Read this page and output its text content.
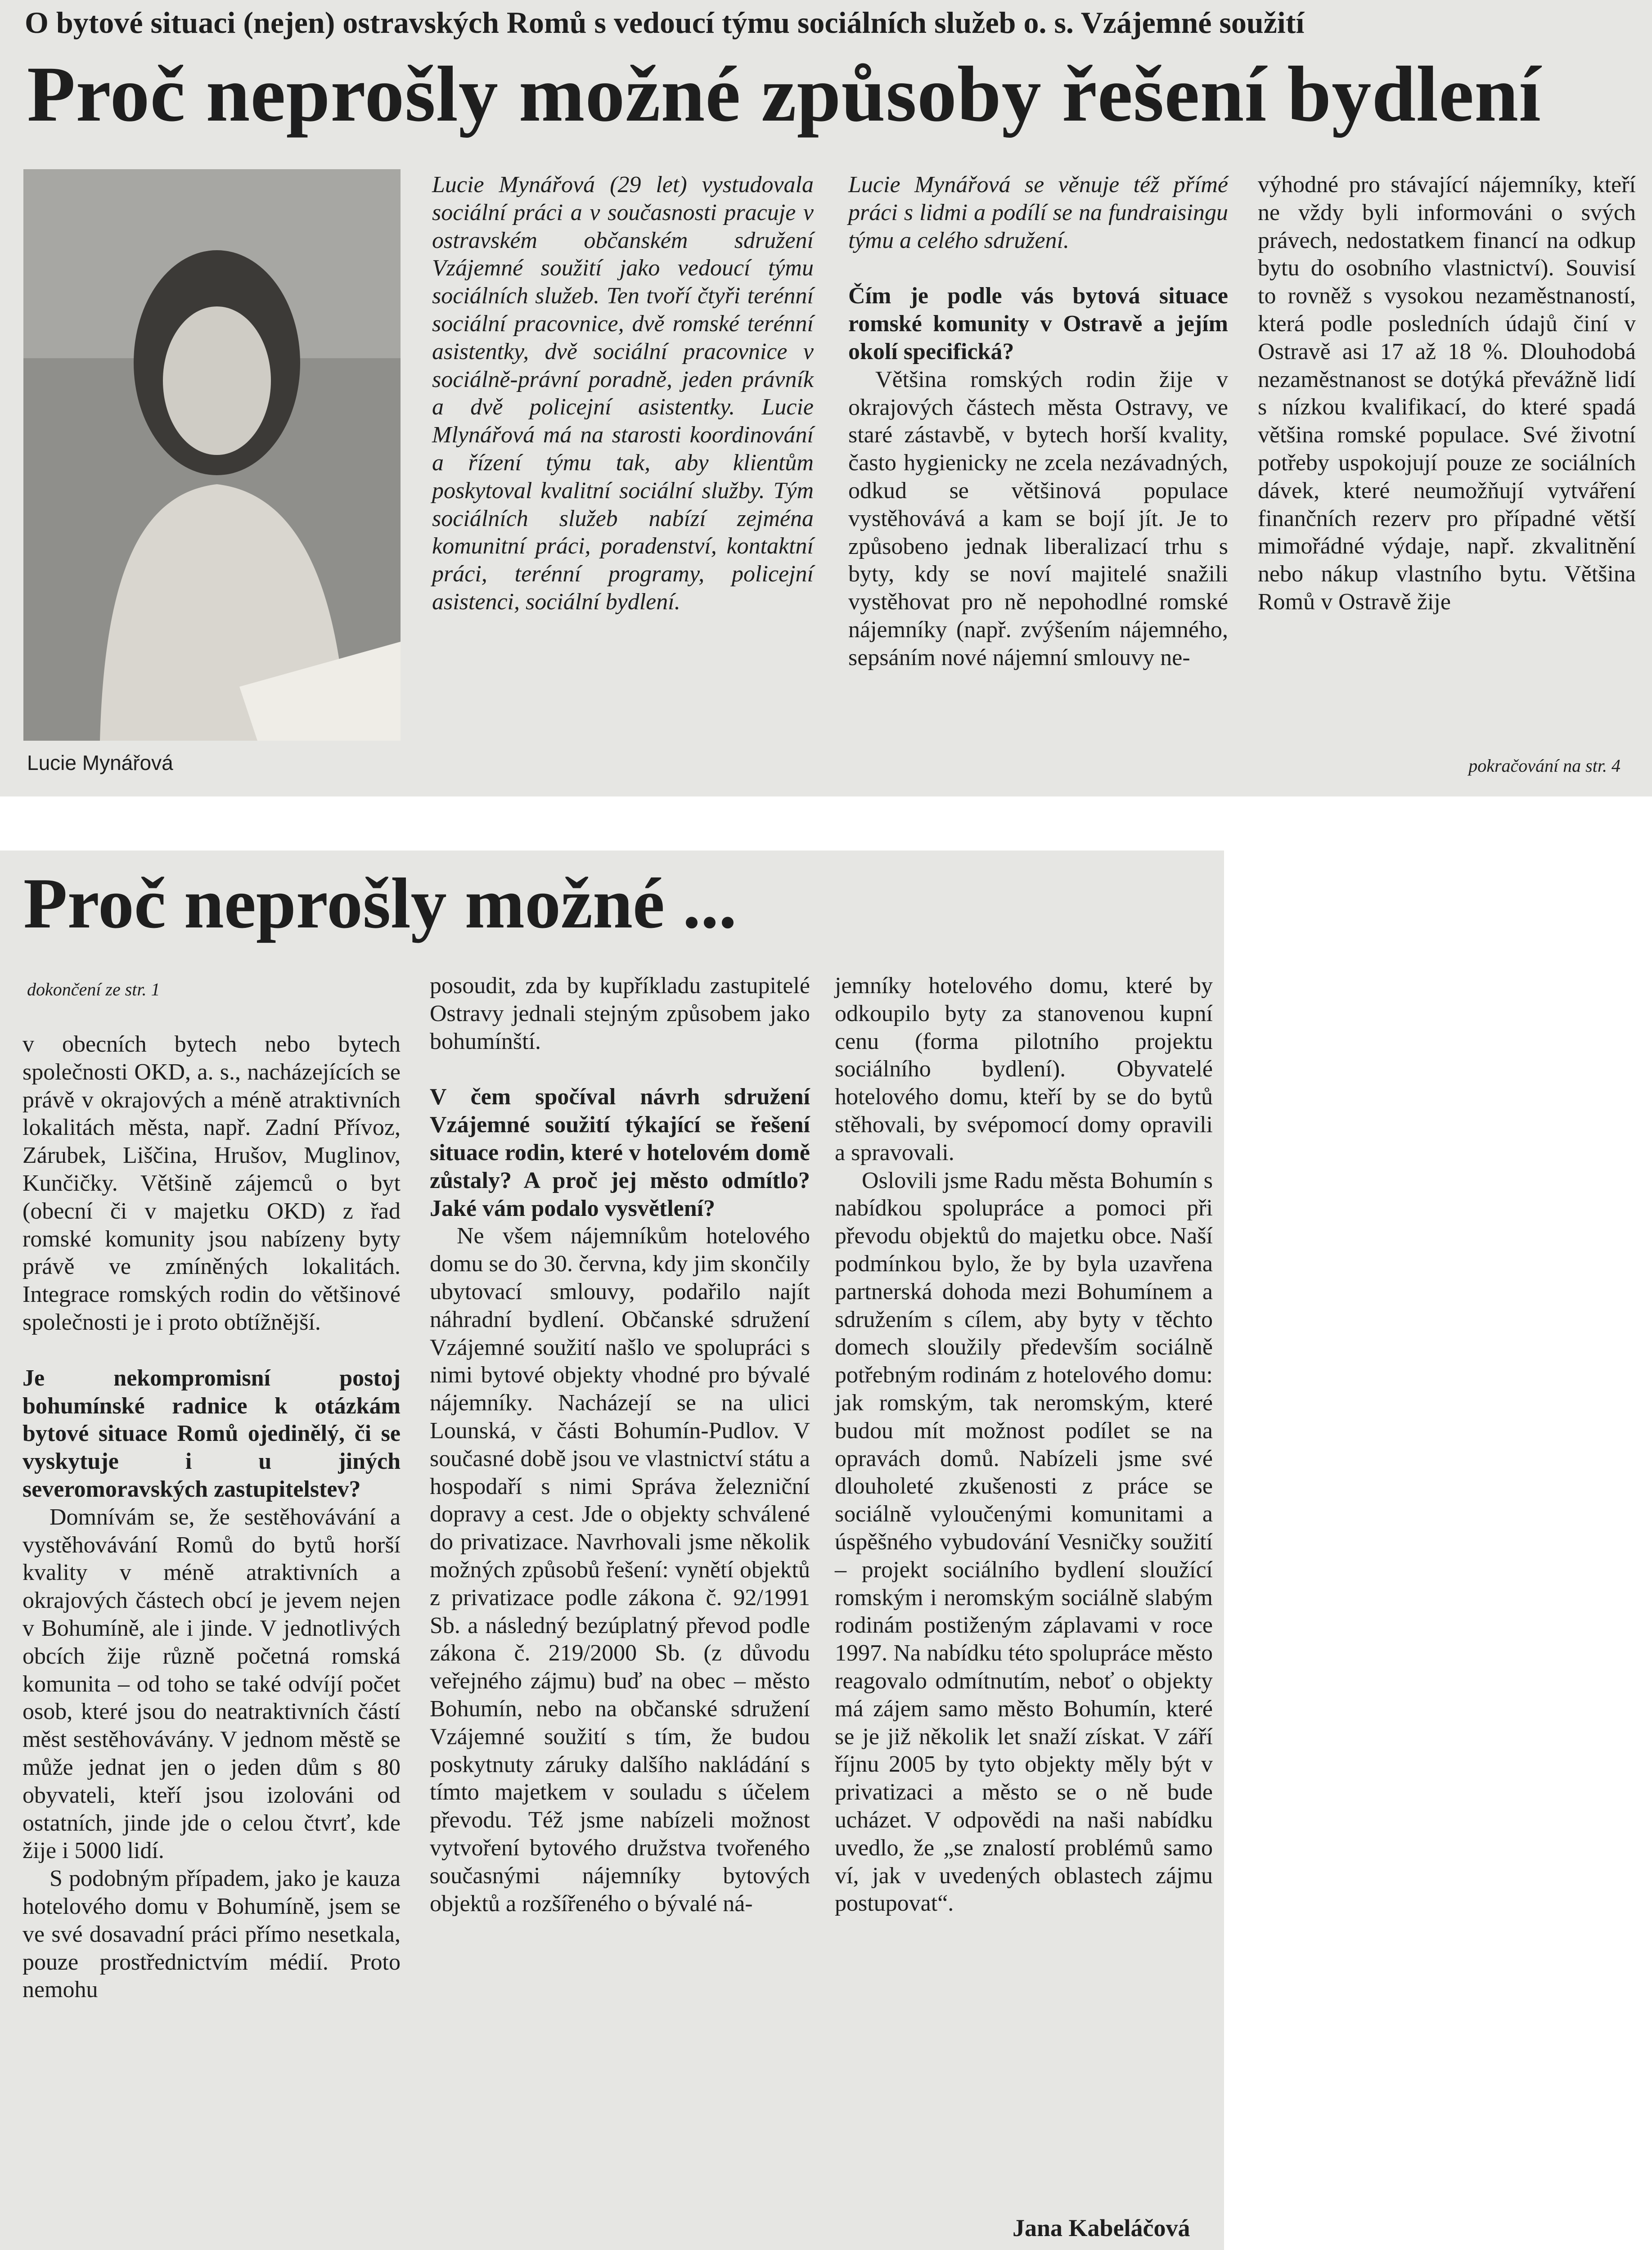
O bytové situaci (nejen) ostravských Romů s vedoucí týmu sociálních služeb o. s. Vzájemné soužití
Proč neprošly možné způsoby řešení bydlení
Lucie Mynářová

Lucie Mynářová (29 let) vystudovala sociální práci a v současnosti pracuje v ostravském občanském sdružení Vzájemné soužití jako vedoucí týmu sociálních služeb. Ten tvoří čtyři terénní sociální pracovnice, dvě romské terénní asistentky, dvě sociální pracovnice v sociálně-právní poradně, jeden právník a dvě policejní asistentky. Lucie Mlynářová má na starosti koordinování a řízení týmu tak, aby klientům poskytoval kvalitní sociální služby. Tým sociálních služeb nabízí zejména komunitní práci, poradenství, kontaktní práci, terénní programy, policejní asistenci, sociální bydlení.

Lucie Mynářová se věnuje též přímé práci s lidmi a podílí se na fundraisingu týmu a celého sdružení.

Čím je podle vás bytová situace romské komunity v Ostravě a jejím okolí specifická?

Většina romských rodin žije v okrajových částech města Ostravy, ve staré zástavbě, v bytech horší kvality, často hygienicky ne zcela nezávadných, odkud se většinová populace vystěhovává a kam se bojí jít. Je to způsobeno jednak liberalizací trhu s byty, kdy se noví majitelé snažili vystěhovat pro ně nepohodlné romské nájemníky (např. zvýšením nájemného, sepsáním nové nájemní smlouvy ne-

výhodné pro stávající nájemníky, kteří ne vždy byli informováni o svých právech, nedostatkem financí na odkup bytu do osobního vlastnictví). Souvisí to rovněž s vysokou nezaměstnaností, která podle posledních údajů činí v Ostravě asi 17 až 18 %. Dlouhodobá nezaměstnanost se dotýká převážně lidí s nízkou kvalifikací, do které spadá většina romské populace. Své životní potřeby uspokojují pouze ze sociálních dávek, které neumožňují vytváření finančních rezerv pro případné větší mimořádné výdaje, např. zkvalitnění nebo nákup vlastního bytu. Většina Romů v Ostravě žije

pokračování na str. 4
Proč neprošly možné ...
dokončení ze str. 1

v obecních bytech nebo bytech společnosti OKD, a. s., nacházejících se právě v okrajových a méně atraktivních lokalitách města, např. Zadní Přívoz, Zárubek, Liščina, Hrušov, Muglinov, Kunčičky. Většině zájemců o byt (obecní či v majetku OKD) z řad romské komunity jsou nabízeny byty právě ve zmíněných lokalitách. Integrace romských rodin do většinové společnosti je i proto obtížnější.

Je nekompromisní postoj bohumínské radnice k otázkám bytové situace Romů ojedinělý, či se vyskytuje i u jiných severomoravských zastupitelstev?

Domnívám se, že sestěhovávání a vystěhovávání Romů do bytů horší kvality v méně atraktivních a okrajových částech obcí je jevem nejen v Bohumíně, ale i jinde. V jednotlivých obcích žije různě početná romská komunita – od toho se také odvíjí počet osob, které jsou do neatraktivních částí měst sestěhovávány. V jednom městě se může jednat jen o jeden dům s 80 obyvateli, kteří jsou izolováni od ostatních, jinde jde o celou čtvrť, kde žije i 5000 lidí.

S podobným případem, jako je kauza hotelového domu v Bohumíně, jsem se ve své dosavadní práci přímo nesetkala, pouze prostřednictvím médií. Proto nemohu

posoudit, zda by kupříkladu zastupitelé Ostravy jednali stejným způsobem jako bohumínští.

V čem spočíval návrh sdružení Vzájemné soužití týkající se řešení situace rodin, které v hotelovém domě zůstaly? A proč jej město odmítlo? Jaké vám podalo vysvětlení?

Ne všem nájemníkům hotelového domu se do 30. června, kdy jim skončily ubytovací smlouvy, podařilo najít náhradní bydlení. Občanské sdružení Vzájemné soužití našlo ve spolupráci s nimi bytové objekty vhodné pro bývalé nájemníky. Nacházejí se na ulici Lounská, v části Bohumín-Pudlov. V současné době jsou ve vlastnictví státu a hospodaří s nimi Správa železniční dopravy a cest. Jde o objekty schválené do privatizace. Navrhovali jsme několik možných způsobů řešení: vynětí objektů z privatizace podle zákona č. 92/1991 Sb. a následný bezúplatný převod podle zákona č. 219/2000 Sb. (z důvodu veřejného zájmu) buď na obec – město Bohumín, nebo na občanské sdružení Vzájemné soužití s tím, že budou poskytnuty záruky dalšího nakládání s tímto majetkem v souladu s účelem převodu. Též jsme nabízeli možnost vytvoření bytového družstva tvořeného současnými nájemníky bytových objektů a rozšířeného o bývalé ná-

jemníky hotelového domu, které by odkoupilo byty za stanovenou kupní cenu (forma pilotního projektu sociálního bydlení). Obyvatelé hotelového domu, kteří by se do bytů stěhovali, by svépomocí domy opravili a spravovali.

Oslovili jsme Radu města Bohumín s nabídkou spolupráce a pomoci při převodu objektů do majetku obce. Naší podmínkou bylo, že by byla uzavřena partnerská dohoda mezi Bohumínem a sdružením s cílem, aby byty v těchto domech sloužily především sociálně potřebným rodinám z hotelového domu: jak romským, tak neromským, které budou mít možnost podílet se na opravách domů. Nabízeli jsme své dlouholeté zkušenosti z práce se sociálně vyloučenými komunitami a úspěšného vybudování Vesničky soužití – projekt sociálního bydlení sloužící romským i neromským sociálně slabým rodinám postiženým záplavami v roce 1997. Na nabídku této spolupráce město reagovalo odmítnutím, neboť o objekty má zájem samo město Bohumín, které se je již několik let snaží získat. V září říjnu 2005 by tyto objekty měly být v privatizaci a město se o ně bude ucházet. V odpovědi na naši nabídku uvedlo, že „se znalostí problémů samo ví, jak v uvedených oblastech zájmu postupovat“.

Jana Kabeláčová
